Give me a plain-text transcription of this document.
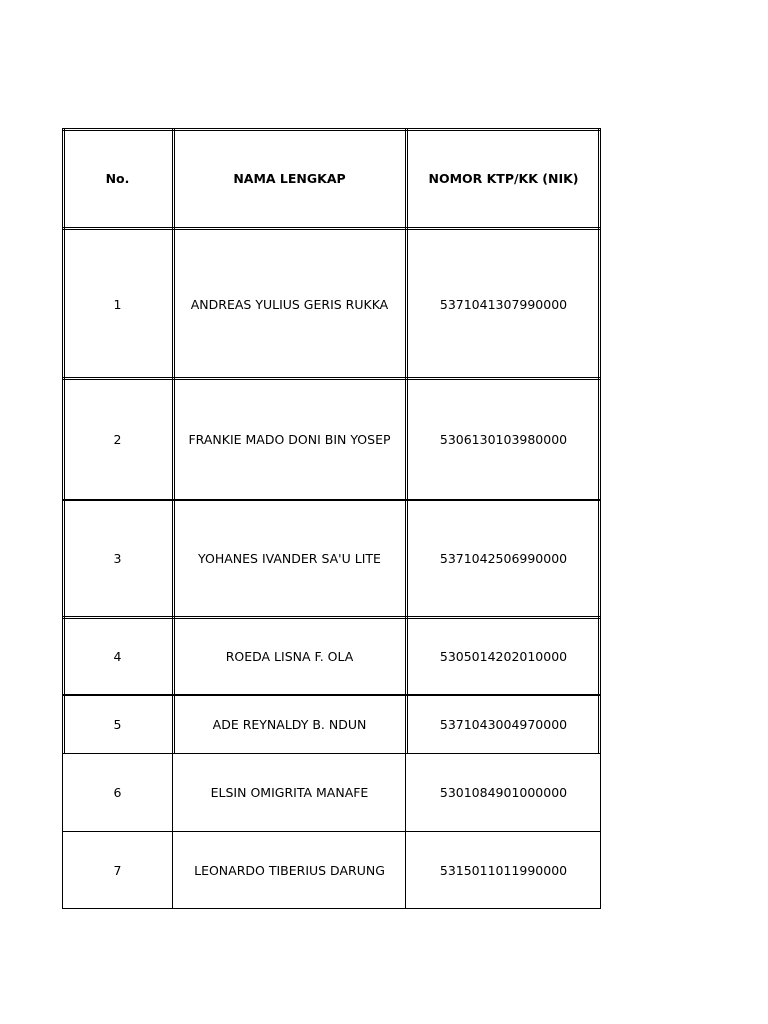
No.	NAMA LENGKAP	NOMOR KTP/KK (NIK)
1	ANDREAS YULIUS GERIS RUKKA	5371041307990000
2	FRANKIE MADO DONI BIN YOSEP	5306130103980000
3	YOHANES IVANDER SA'U LITE	5371042506990000
4	ROEDA LISNA F. OLA	5305014202010000
5	ADE REYNALDY B. NDUN	5371043004970000
6	ELSIN OMIGRITA MANAFE	5301084901000000
7	LEONARDO TIBERIUS DARUNG	5315011011990000
